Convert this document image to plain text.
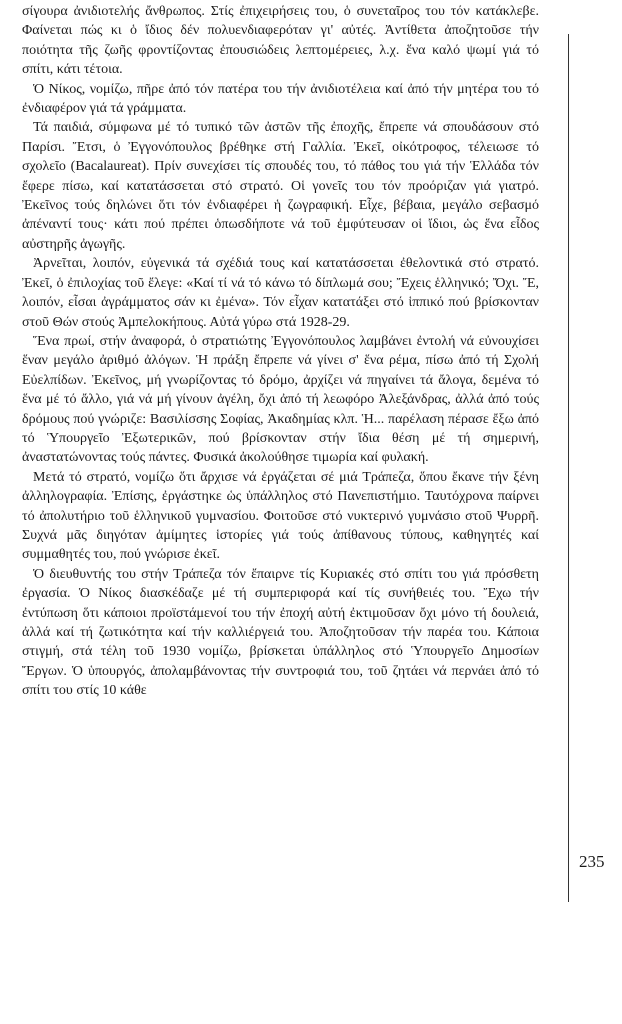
σίγουρα ἀνιδιοτελής ἄνθρωπος. Στίς ἐπιχειρήσεις του, ὁ συνεταῖρος του τόν κατάκλεβε. Φαίνεται πώς κι ὁ ἴδιος δέν πολυενδιαφερόταν γι' αὐτές. Ἀντίθετα ἀποζητοῦσε τήν ποιότητα τῆς ζωῆς φροντίζοντας ἐπουσιώδεις λεπτομέρειες, λ.χ. ἕνα καλό ψωμί γιά τό σπίτι, κάτι τέτοια.

Ὁ Νίκος, νομίζω, πῆρε ἀπό τόν πατέρα του τήν ἀνιδιοτέλεια καί ἀπό τήν μητέρα του τό ἐνδιαφέρον γιά τά γράμματα.

Τά παιδιά, σύμφωνα μέ τό τυπικό τῶν ἀστῶν τῆς ἐποχῆς, ἔπρεπε νά σπουδάσουν στό Παρίσι. Ἔτσι, ὁ Ἐγγονόπουλος βρέθηκε στή Γαλλία. Ἐκεῖ, οἰκότροφος, τέλειωσε τό σχολεῖο (Bacalaureat). Πρίν συνεχίσει τίς σπουδές του, τό πάθος του γιά τήν Ἑλλάδα τόν ἔφερε πίσω, καί κατατάσσεται στό στρατό. Οἱ γονεῖς του τόν προόριζαν γιά γιατρό. Ἐκεῖνος τούς δηλώνει ὅτι τόν ἐνδιαφέρει ἡ ζωγραφική. Εἶχε, βέβαια, μεγάλο σεβασμό ἀπέναντί τους· κάτι πού πρέπει ὁπωσδήποτε νά τοῦ ἐμφύτευσαν οἱ ἴδιοι, ὡς ἕνα εἶδος αὐστηρῆς ἀγωγῆς.

Ἀρνεῖται, λοιπόν, εὐγενικά τά σχέδιά τους καί κατατάσσεται ἐθελοντικά στό στρατό. Ἐκεῖ, ὁ ἐπιλοχίας τοῦ ἔλεγε: «Καί τί νά τό κάνω τό δίπλωμά σου; Ἔχεις ἑλληνικό; Ὄχι. Ἔ, λοιπόν, εἶσαι ἀγράμματος σάν κι ἐμένα». Τόν εἶχαν κατατάξει στό ἱππικό πού βρίσκονταν στοῦ Θών στούς Ἀμπελοκήπους. Αὐτά γύρω στά 1928-29.

Ἕνα πρωί, στήν ἀναφορά, ὁ στρατιώτης Ἐγγονόπουλος λαμβάνει ἐντολή νά εὐνουχίσει ἕναν μεγάλο ἀριθμό ἀλόγων. Ἡ πράξη ἔπρεπε νά γίνει σ' ἕνα ρέμα, πίσω ἀπό τή Σχολή Εὐελπίδων. Ἐκεῖνος, μή γνωρίζοντας τό δρόμο, ἀρχίζει νά πηγαίνει τά ἄλογα, δεμένα τό ἕνα μέ τό ἄλλο, γιά νά μή γίνουν ἀγέλη, ὄχι ἀπό τή λεωφόρο Ἀλεξάνδρας, ἀλλά ἀπό τούς δρόμους πού γνώριζε: Βασιλίσσης Σοφίας, Ἀκαδημίας κλπ. Ἡ... παρέλαση πέρασε ἔξω ἀπό τό Ὑπουργεῖο Ἐξωτερικῶν, πού βρίσκονταν στήν ἴδια θέση μέ τή σημερινή, ἀναστατώνοντας τούς πάντες. Φυσικά ἀκολούθησε τιμωρία καί φυλακή.

Μετά τό στρατό, νομίζω ὅτι ἄρχισε νά ἐργάζεται σέ μιά Τράπεζα, ὅπου ἔκανε τήν ξένη ἀλληλογραφία. Ἐπίσης, ἐργάστηκε ὡς ὑπάλληλος στό Πανεπιστήμιο. Ταυτόχρονα παίρνει τό ἀπολυτήριο τοῦ ἑλληνικοῦ γυμνασίου. Φοιτοῦσε στό νυκτερινό γυμνάσιο στοῦ Ψυρρῆ. Συχνά μᾶς διηγόταν ἀμίμητες ἱστορίες γιά τούς ἀπίθανους τύπους, καθηγητές καί συμμαθητές του, πού γνώρισε ἐκεῖ.

Ὁ διευθυντής του στήν Τράπεζα τόν ἔπαιρνε τίς Κυριακές στό σπίτι του γιά πρόσθετη ἐργασία. Ὁ Νίκος διασκέδαζε μέ τή συμπεριφορά καί τίς συνήθειές του. Ἔχω τήν ἐντύπωση ὅτι κάποιοι προϊστάμενοί του τήν ἐποχή αὐτή ἐκτιμοῦσαν ὄχι μόνο τή δουλειά, ἀλλά καί τή ζωτικότητα καί τήν καλλιέργειά του. Ἀποζητοῦσαν τήν παρέα του. Κάποια στιγμή, στά τέλη τοῦ 1930 νομίζω, βρίσκεται ὑπάλληλος στό Ὑπουργεῖο Δημοσίων Ἔργων. Ὁ ὑπουργός, ἀπολαμβάνοντας τήν συντροφιά του, τοῦ ζητάει νά περνάει ἀπό τό σπίτι του στίς 10 κάθε

235
